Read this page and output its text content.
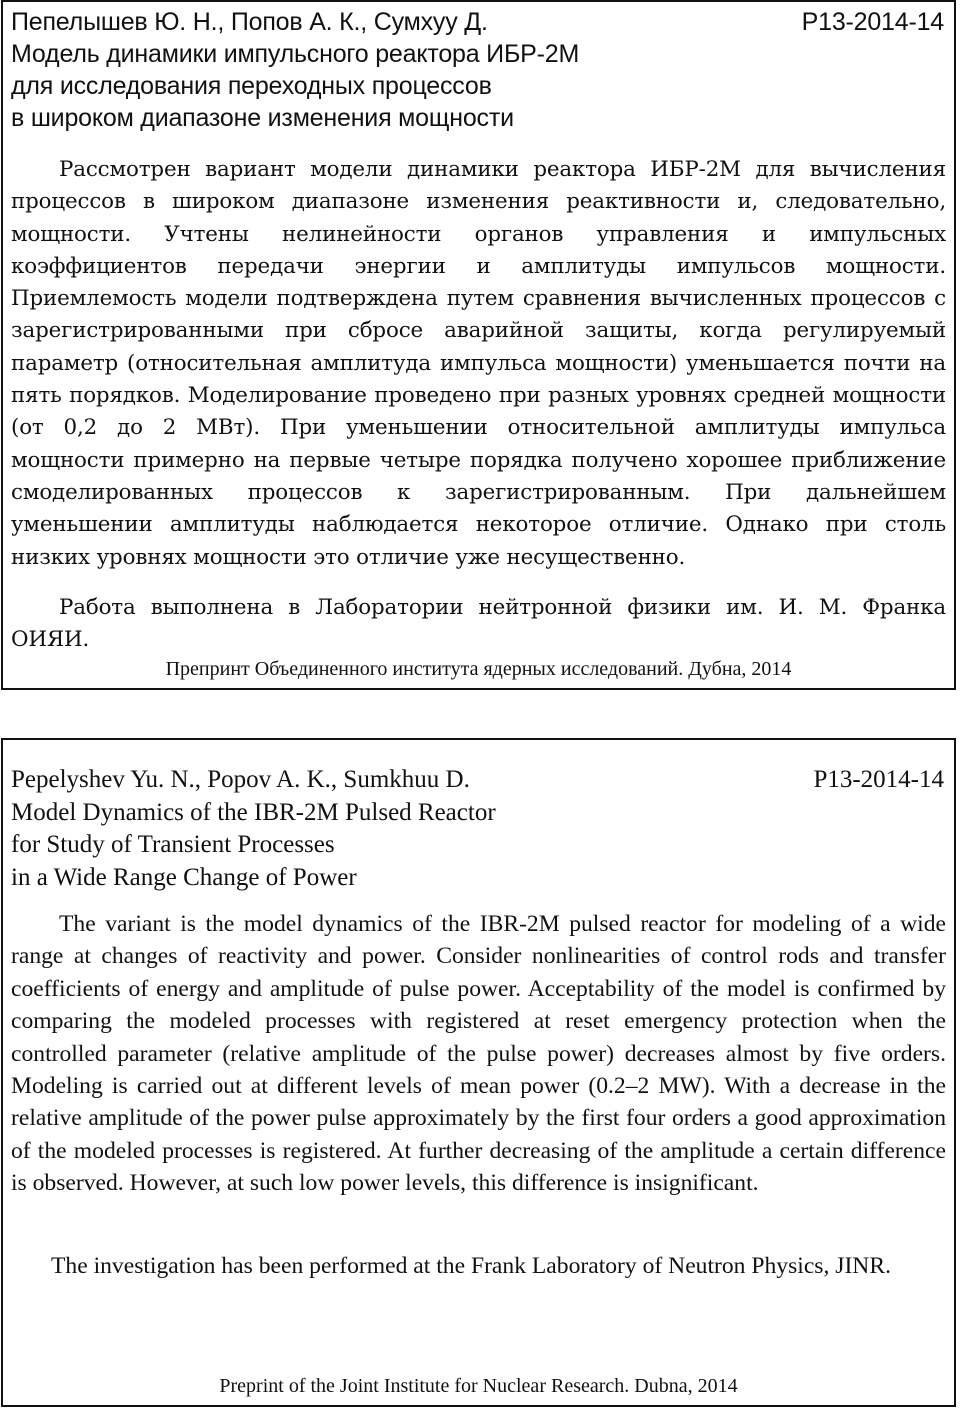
Пепелышев Ю. Н., Попов А. К., Сумхуу Д.	Р13-2014-14
Модель динамики импульсного реактора ИБР-2М
для исследования переходных процессов
в широком диапазоне изменения мощности

Рассмотрен вариант модели динамики реактора ИБР-2М для вычисления процессов в широком диапазоне изменения реактивности и, следовательно, мощности. Учтены нелинейности органов управления и импульсных коэффициентов передачи энергии и амплитуды импульсов мощности. Приемлемость модели подтверждена путем сравнения вычисленных процессов с зарегистрированными при сбросе аварийной защиты, когда регулируемый параметр (относительная амплитуда импульса мощности) уменьшается почти на пять порядков. Моделирование проведено при разных уровнях средней мощности (от 0,2 до 2 МВт). При уменьшении относительной амплитуды импульса мощности примерно на первые четыре порядка получено хорошее приближение смоделированных процессов к зарегистрированным. При дальнейшем уменьшении амплитуды наблюдается некоторое отличие. Однако при столь низких уровнях мощности это отличие уже несущественно.

Работа выполнена в Лаборатории нейтронной физики им. И. М. Франка ОИЯИ.

Препринт Объединенного института ядерных исследований. Дубна, 2014
Pepelyshev Yu. N., Popov A. K., Sumkhuu D.	P13-2014-14
Model Dynamics of the IBR-2M Pulsed Reactor
for Study of Transient Processes
in a Wide Range Change of Power

The variant is the model dynamics of the IBR-2M pulsed reactor for modeling of a wide range at changes of reactivity and power. Consider nonlinearities of control rods and transfer coefficients of energy and amplitude of pulse power. Acceptability of the model is confirmed by comparing the modeled processes with registered at reset emergency protection when the controlled parameter (relative amplitude of the pulse power) decreases almost by five orders. Modeling is carried out at different levels of mean power (0.2–2 MW). With a decrease in the relative amplitude of the power pulse approximately by the first four orders a good approximation of the modeled processes is registered. At further decreasing of the amplitude a certain difference is observed. However, at such low power levels, this difference is insignificant.

The investigation has been performed at the Frank Laboratory of Neutron Physics, JINR.

Preprint of the Joint Institute for Nuclear Research. Dubna, 2014
